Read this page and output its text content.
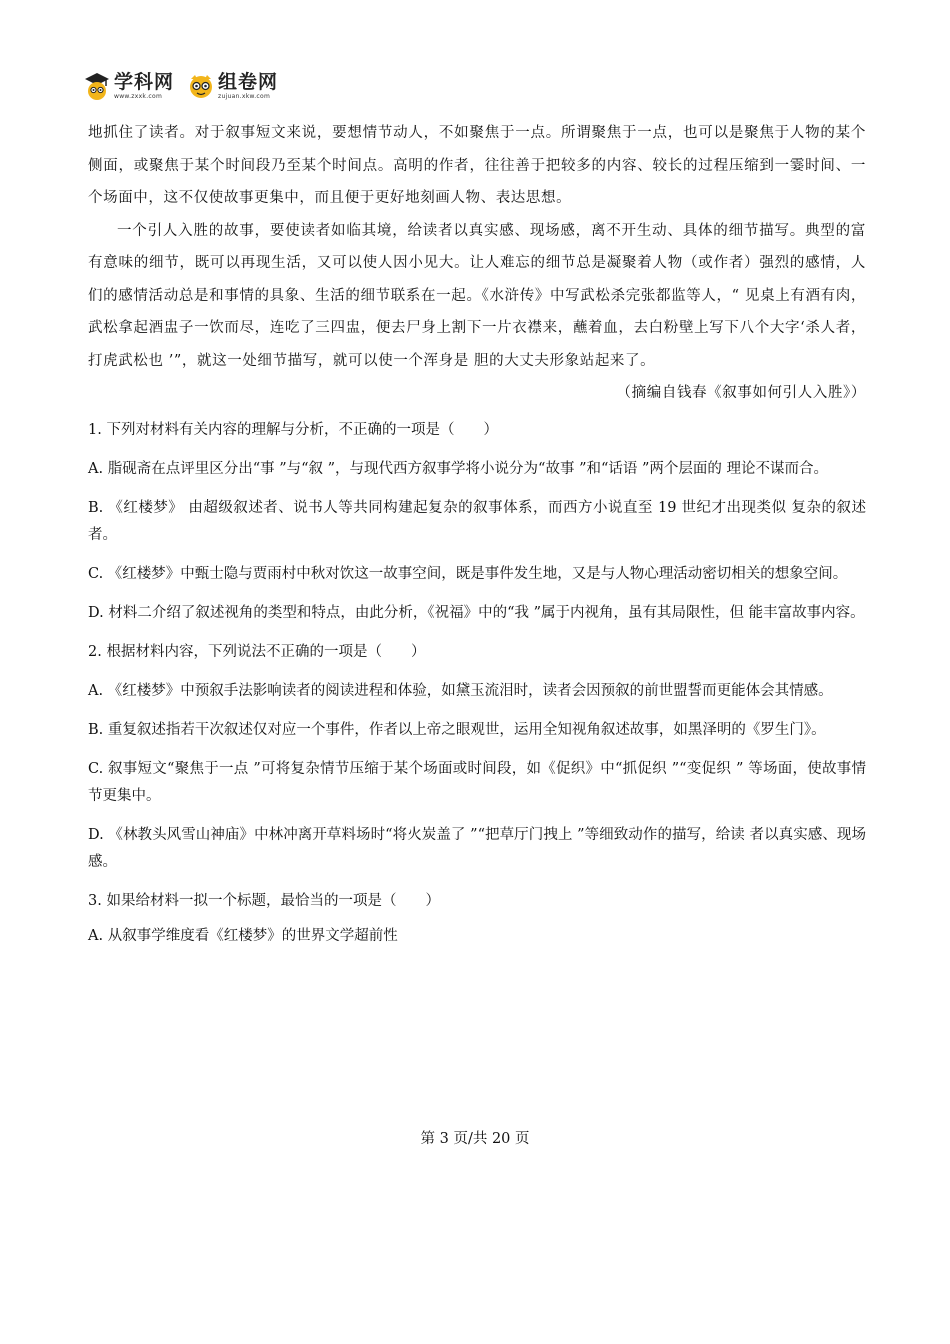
学科网
www.zxxk.com
组卷网
zujuan.xkw.com

地抓住了读者。对于叙事短文来说，要想情节动人，不如聚焦于一点。所谓聚焦于一点，也可以是聚焦于人物的某个侧面，或聚焦于某个时间段乃至某个时间点。高明的作者，往往善于把较多的内容、较长的过程压缩到一霎时间、一个场面中，这不仅使故事更集中，而且便于更好地刻画人物、表达思想。

一个引人入胜的故事，要使读者如临其境，给读者以真实感、现场感，离不开生动、具体的细节描写。典型的富有意味的细节，既可以再现生活，又可以使人因小见大。让人难忘的细节总是凝聚着人物（或作者）强烈的感情，人们的感情活动总是和事情的具象、生活的细节联系在一起。《水浒传》中写武松杀完张都监等人，“ 见桌上有酒有肉，武松拿起酒盅子一饮而尽，连吃了三四盅，便去尸身上割下一片衣襟来，蘸着血，去白粉壁上写下八个大字‘杀人者，打虎武松也 ’”，就这一处细节描写，就可以使一个浑身是 胆的大丈夫形象站起来了。

（摘编自钱春《叙事如何引人入胜》）

1. 下列对材料有关内容的理解与分析，不正确的一项是（　　）

A. 脂砚斋在点评里区分出“事 ”与“叙 ”，与现代西方叙事学将小说分为“故事 ”和“话语 ”两个层面的 理论不谋而合。

B. 《红楼梦》 由超级叙述者、说书人等共同构建起复杂的叙事体系，而西方小说直至 19 世纪才出现类似 复杂的叙述者。

C. 《红楼梦》中甄士隐与贾雨村中秋对饮这一故事空间，既是事件发生地，又是与人物心理活动密切相关的想象空间。

D. 材料二介绍了叙述视角的类型和特点，由此分析，《祝福》中的“我 ”属于内视角，虽有其局限性，但 能丰富故事内容。

2. 根据材料内容，下列说法不正确的一项是（　　）

A. 《红楼梦》中预叙手法影响读者的阅读进程和体验，如黛玉流泪时，读者会因预叙的前世盟誓而更能体会其情感。

B. 重复叙述指若干次叙述仅对应一个事件，作者以上帝之眼观世，运用全知视角叙述故事，如黑泽明的《罗生门》。

C. 叙事短文“聚焦于一点 ”可将复杂情节压缩于某个场面或时间段，如《促织》中“抓促织 ”“变促织 ” 等场面，使故事情节更集中。

D. 《林教头风雪山神庙》中林冲离开草料场时“将火炭盖了 ”“把草厅门拽上 ”等细致动作的描写，给读 者以真实感、现场感。

3. 如果给材料一拟一个标题，最恰当的一项是（　　）

A. 从叙事学维度看《红楼梦》的世界文学超前性

第 3 页/共 20 页
